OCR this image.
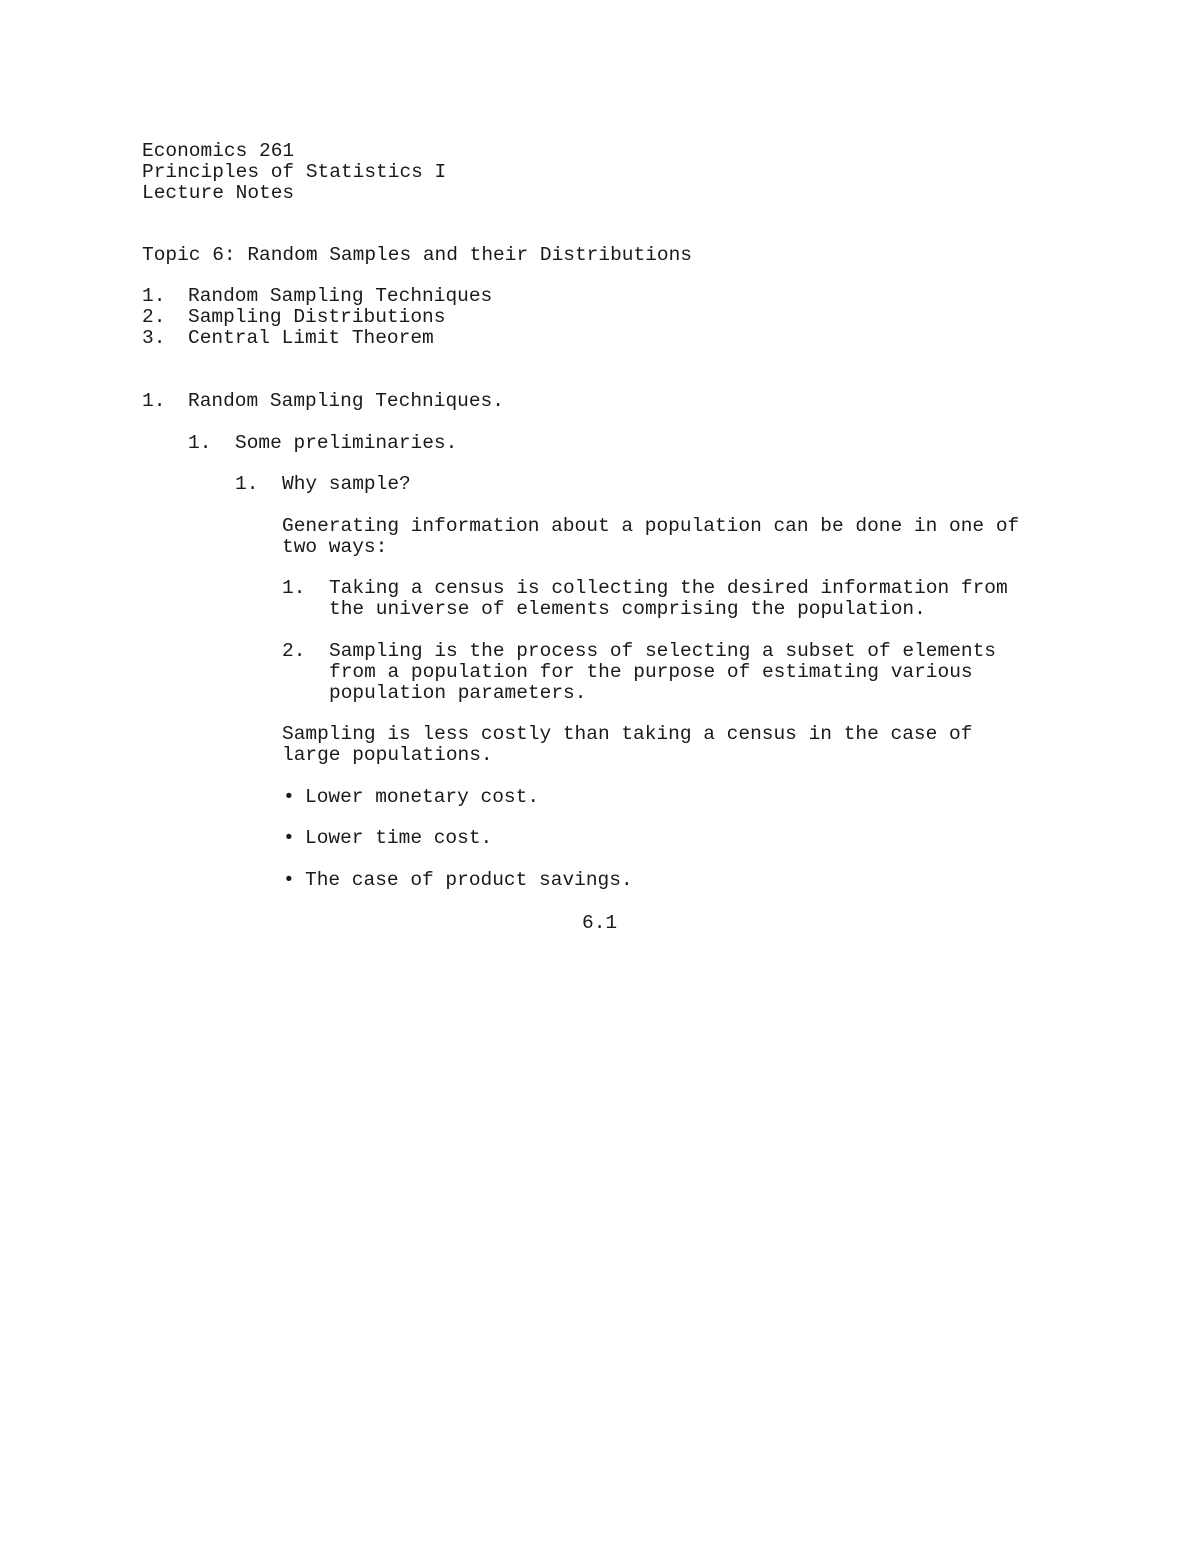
Economics 261
Principles of Statistics I
Lecture Notes
Topic 6: Random Samples and their Distributions
1. Random Sampling Techniques
2. Sampling Distributions
3. Central Limit Theorem
1. Random Sampling Techniques.
1. Some preliminaries.
1. Why sample?
Generating information about a population can be done in one of
two ways:
1. Taking a census is collecting the desired information from
the universe of elements comprising the population.
2. Sampling is the process of selecting a subset of elements
from a population for the purpose of estimating various
population parameters.
Sampling is less costly than taking a census in the case of
large populations.
• Lower monetary cost.
• Lower time cost.
• The case of product savings.
6.1
